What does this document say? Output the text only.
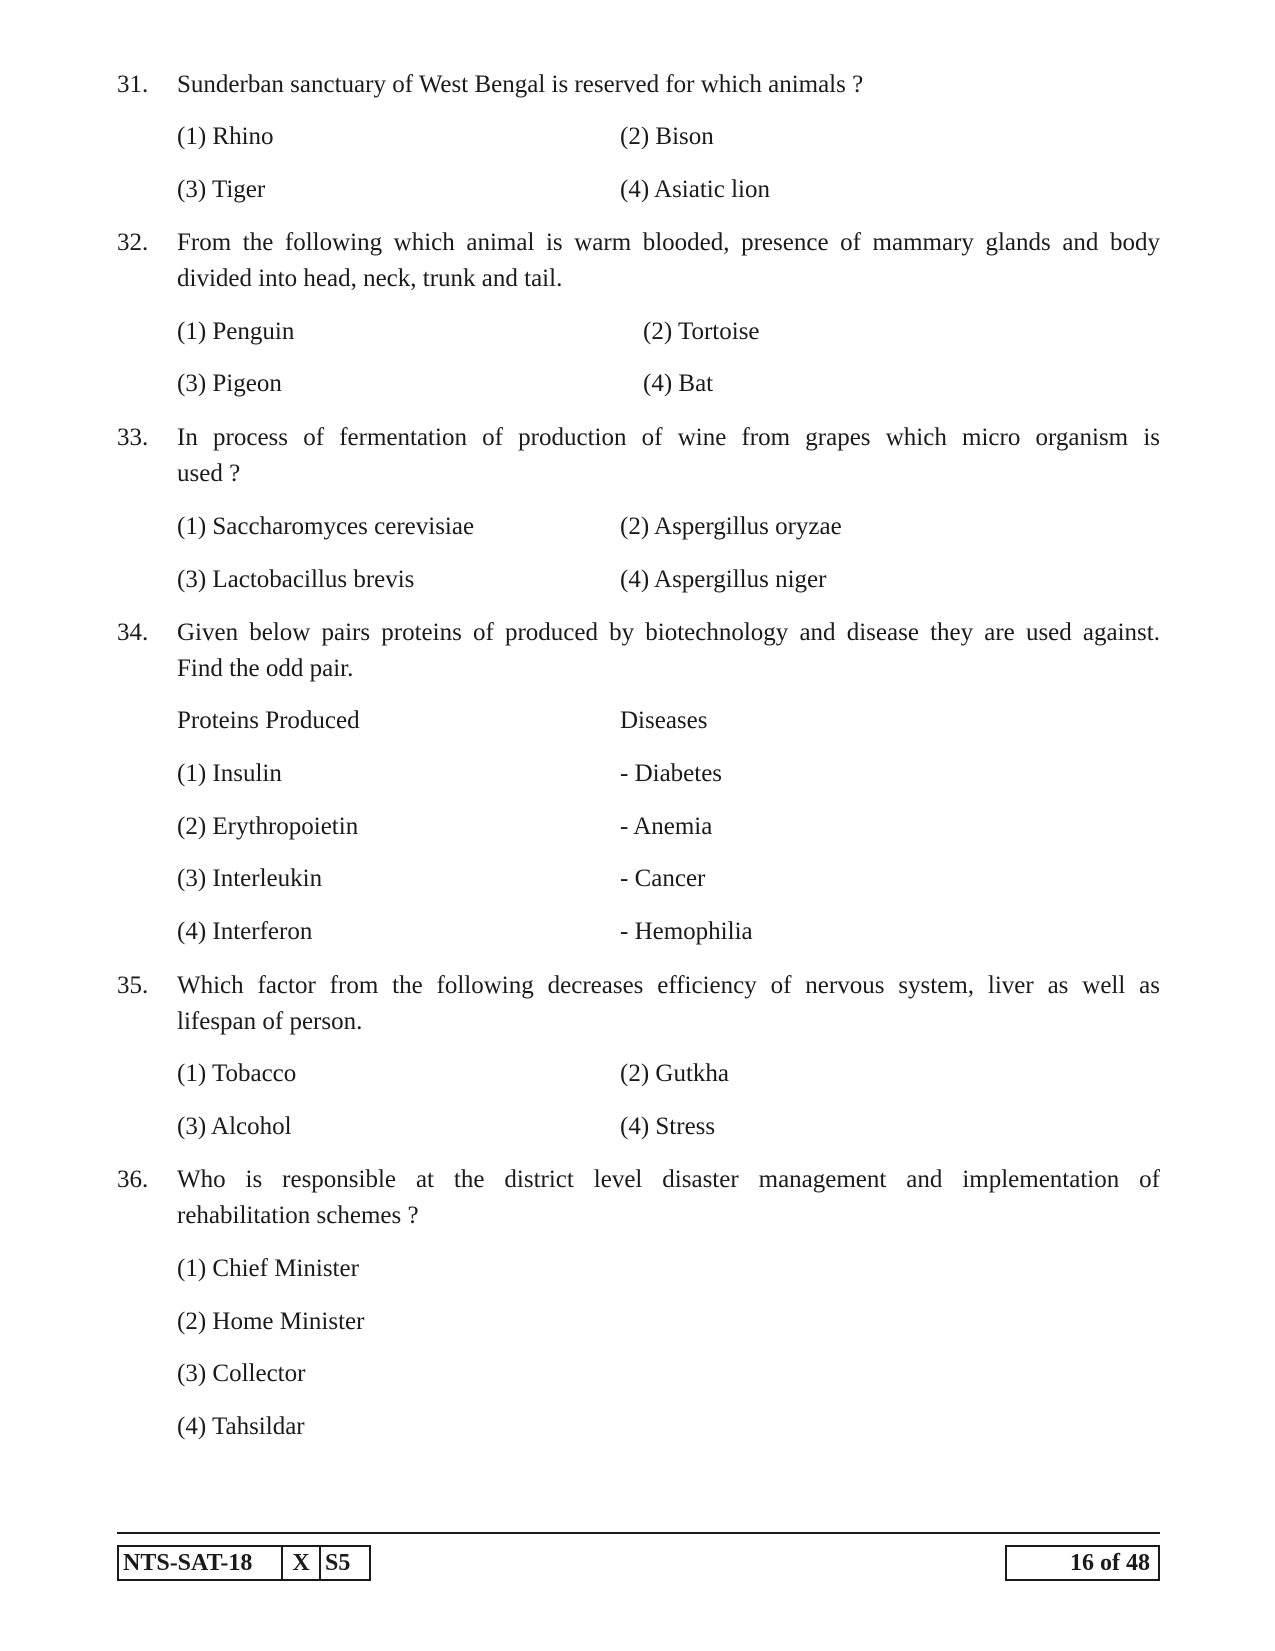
31. Sunderban sanctuary of West Bengal is reserved for which animals ?
(1) Rhino	(2) Bison
(3) Tiger	(4) Asiatic lion
32. From the following which animal is warm blooded, presence of mammary glands and body
divided into head, neck, trunk and tail.
(1) Penguin	(2) Tortoise
(3) Pigeon	(4) Bat
33. In process of fermentation of production of wine from grapes which micro organism is
used ?
(1) Saccharomyces cerevisiae	(2) Aspergillus oryzae
(3) Lactobacillus brevis	(4) Aspergillus niger
34. Given below pairs proteins of produced by biotechnology and disease they are used against.
Find the odd pair.
Proteins Produced	Diseases
(1) Insulin	- Diabetes
(2) Erythropoietin	- Anemia
(3) Interleukin	- Cancer
(4) Interferon	- Hemophilia
35. Which factor from the following decreases efficiency of nervous system, liver as well as
lifespan of person.
(1) Tobacco	(2) Gutkha
(3) Alcohol	(4) Stress
36. Who is responsible at the district level disaster management and implementation of
rehabilitation schemes ?
(1) Chief Minister
(2) Home Minister
(3) Collector
(4) Tahsildar
NTS-SAT-18	X S5	16 of 48
